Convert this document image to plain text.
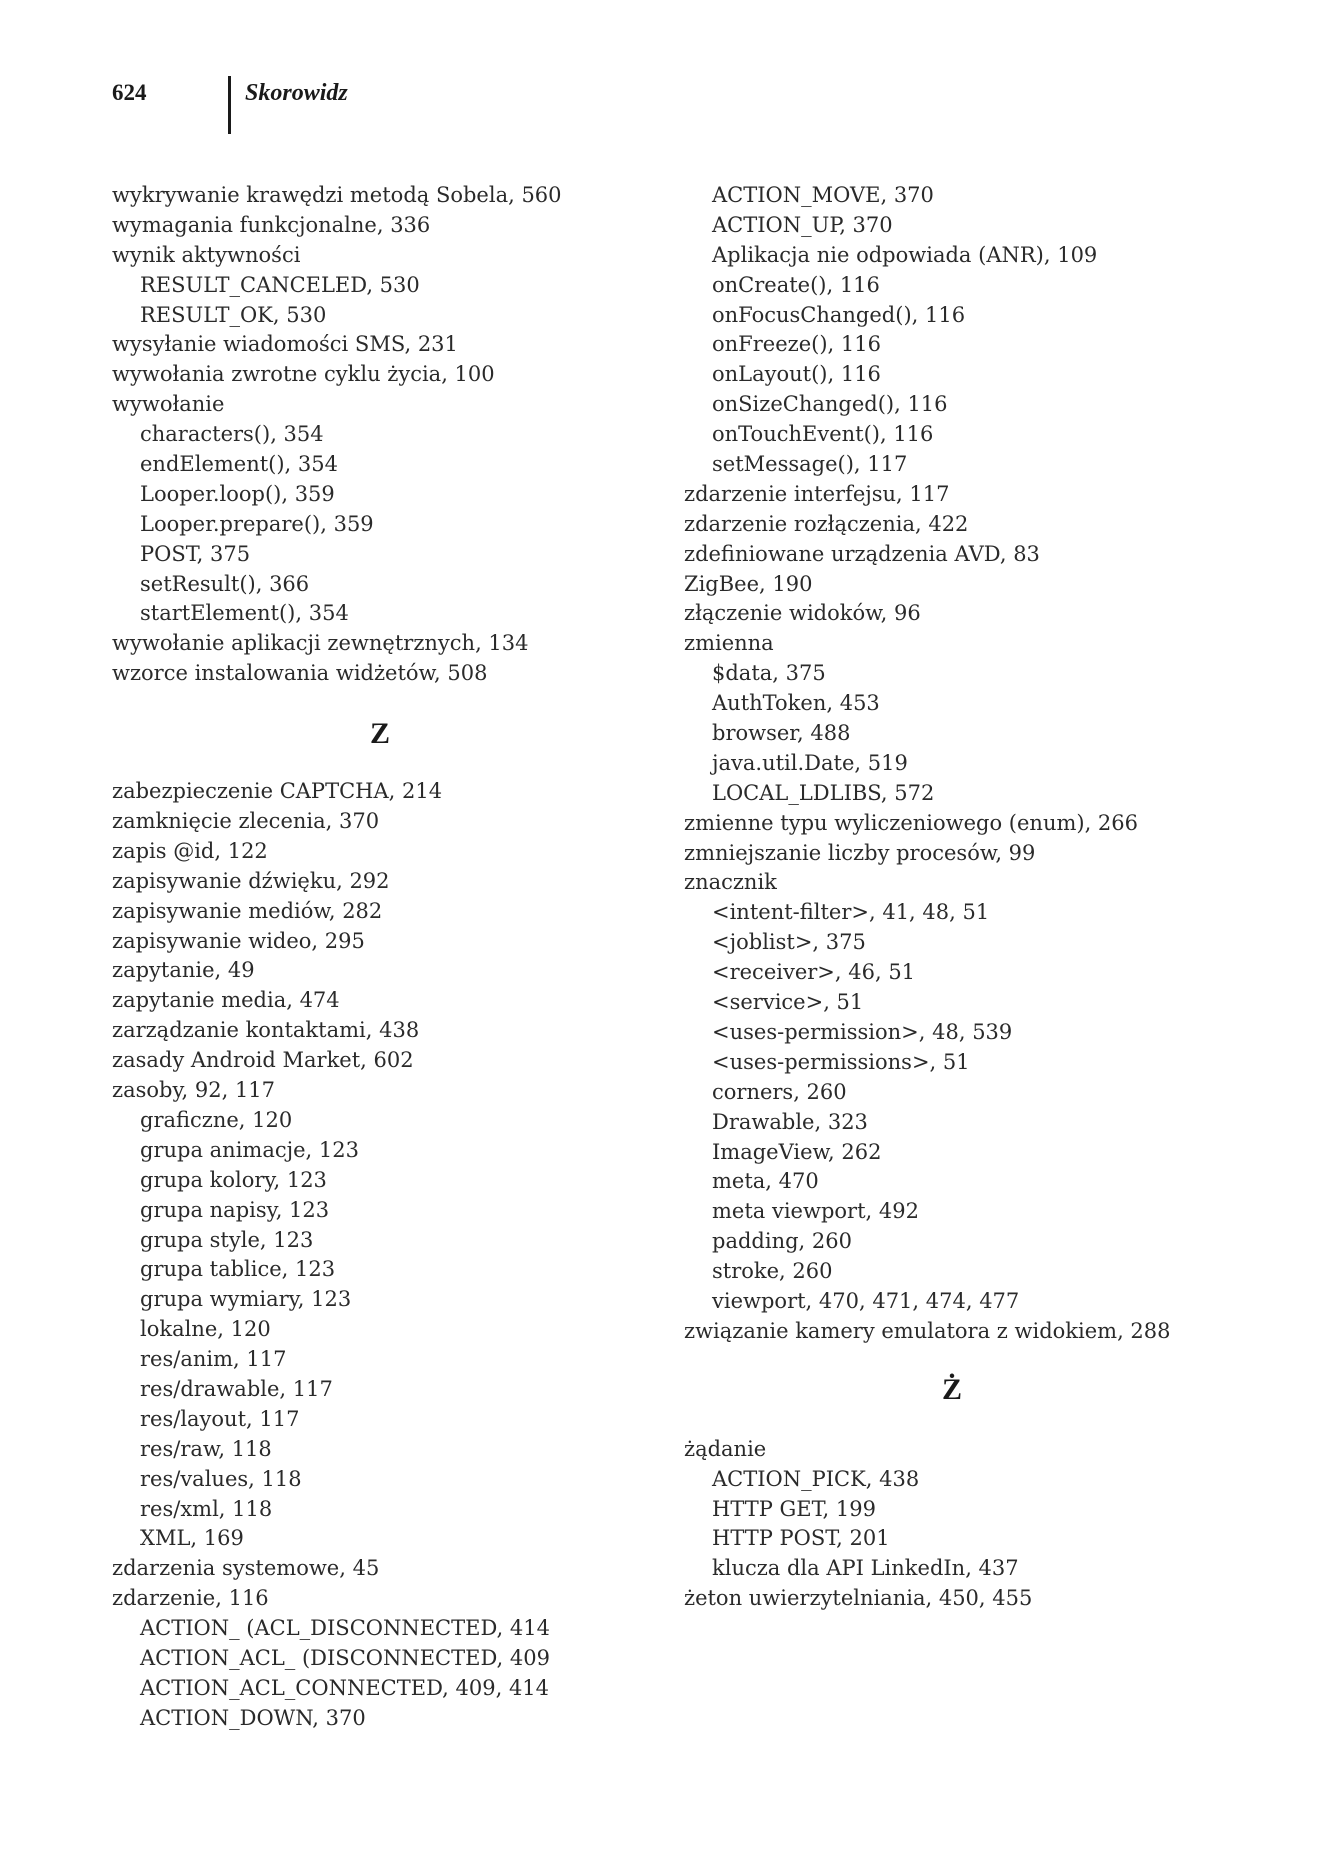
624	Skorowidz
wykrywanie krawędzi metodą Sobela, 560
wymagania funkcjonalne, 336
wynik aktywności
RESULT_CANCELED, 530
RESULT_OK, 530
wysyłanie wiadomości SMS, 231
wywołania zwrotne cyklu życia, 100
wywołanie
characters(), 354
endElement(), 354
Looper.loop(), 359
Looper.prepare(), 359
POST, 375
setResult(), 366
startElement(), 354
wywołanie aplikacji zewnętrznych, 134
wzorce instalowania widżetów, 508
Z
zabezpieczenie CAPTCHA, 214
zamknięcie zlecenia, 370
zapis @id, 122
zapisywanie dźwięku, 292
zapisywanie mediów, 282
zapisywanie wideo, 295
zapytanie, 49
zapytanie media, 474
zarządzanie kontaktami, 438
zasady Android Market, 602
zasoby, 92, 117
graficzne, 120
grupa animacje, 123
grupa kolory, 123
grupa napisy, 123
grupa style, 123
grupa tablice, 123
grupa wymiary, 123
lokalne, 120
res/anim, 117
res/drawable, 117
res/layout, 117
res/raw, 118
res/values, 118
res/xml, 118
XML, 169
zdarzenia systemowe, 45
zdarzenie, 116
ACTION_ (ACL_DISCONNECTED, 414
ACTION_ACL_ (DISCONNECTED, 409
ACTION_ACL_CONNECTED, 409, 414
ACTION_DOWN, 370
ACTION_MOVE, 370
ACTION_UP, 370
Aplikacja nie odpowiada (ANR), 109
onCreate(), 116
onFocusChanged(), 116
onFreeze(), 116
onLayout(), 116
onSizeChanged(), 116
onTouchEvent(), 116
setMessage(), 117
zdarzenie interfejsu, 117
zdarzenie rozłączenia, 422
zdefiniowane urządzenia AVD, 83
ZigBee, 190
złączenie widoków, 96
zmienna
$data, 375
AuthToken, 453
browser, 488
java.util.Date, 519
LOCAL_LDLIBS, 572
zmienne typu wyliczeniowego (enum), 266
zmniejszanie liczby procesów, 99
znacznik
<intent-filter>, 41, 48, 51
<joblist>, 375
<receiver>, 46, 51
<service>, 51
<uses-permission>, 48, 539
<uses-permissions>, 51
corners, 260
Drawable, 323
ImageView, 262
meta, 470
meta viewport, 492
padding, 260
stroke, 260
viewport, 470, 471, 474, 477
związanie kamery emulatora z widokiem, 288
Ż
żądanie
ACTION_PICK, 438
HTTP GET, 199
HTTP POST, 201
klucza dla API LinkedIn, 437
żeton uwierzytelniania, 450, 455
